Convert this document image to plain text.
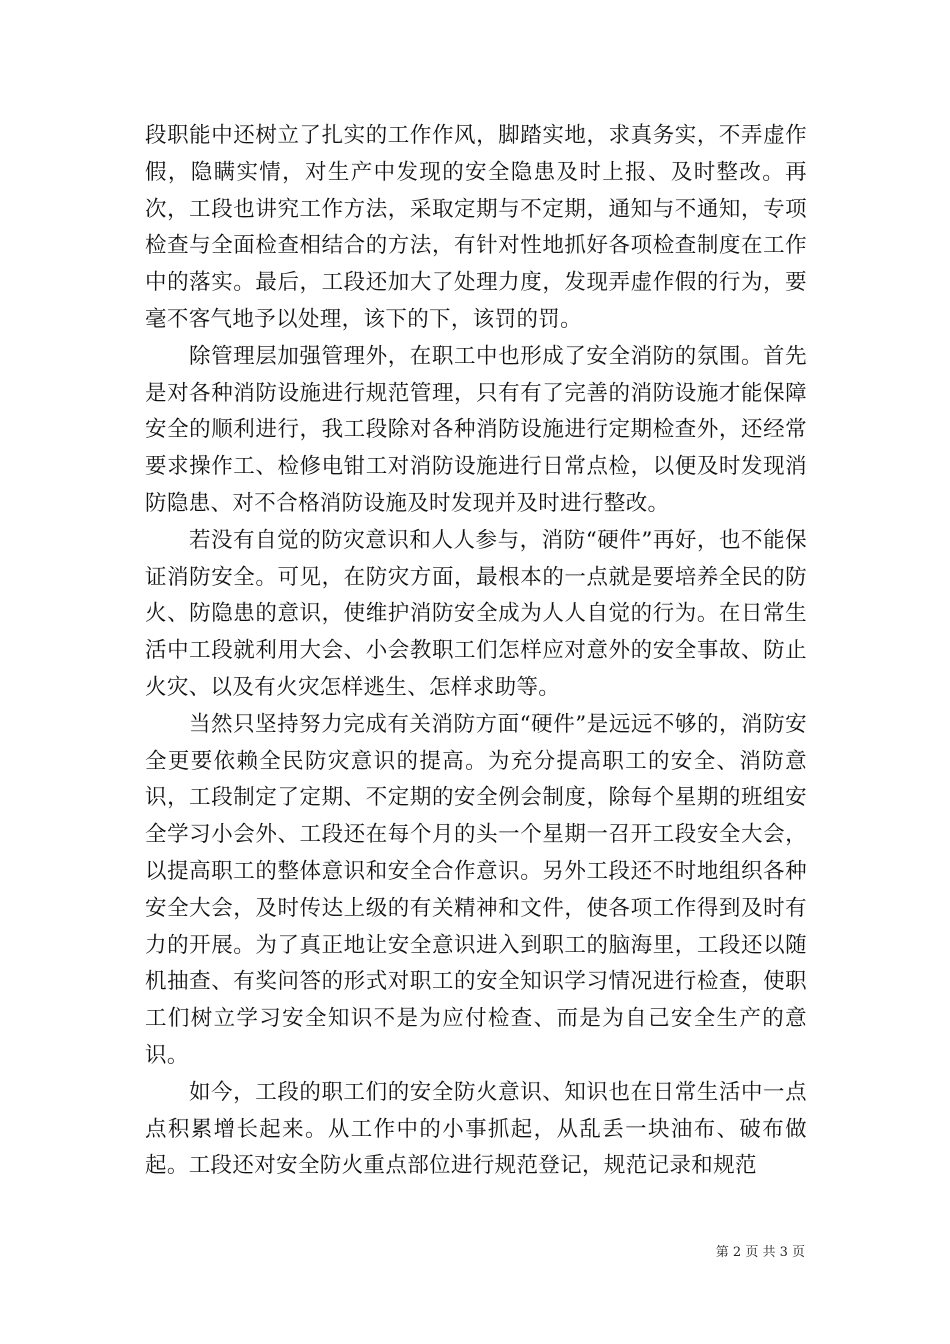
段职能中还树立了扎实的工作作风，脚踏实地，求真务实，不弄虚作假，隐瞒实情，对生产中发现的安全隐患及时上报、及时整改。再次，工段也讲究工作方法，采取定期与不定期，通知与不通知，专项检查与全面检查相结合的方法，有针对性地抓好各项检查制度在工作中的落实。最后，工段还加大了处理力度，发现弄虚作假的行为，要毫不客气地予以处理，该下的下，该罚的罚。

除管理层加强管理外，在职工中也形成了安全消防的氛围。首先是对各种消防设施进行规范管理，只有有了完善的消防设施才能保障安全的顺利进行，我工段除对各种消防设施进行定期检查外，还经常要求操作工、检修电钳工对消防设施进行日常点检，以便及时发现消防隐患、对不合格消防设施及时发现并及时进行整改。

若没有自觉的防灾意识和人人参与，消防“硬件”再好，也不能保证消防安全。可见，在防灾方面，最根本的一点就是要培养全民的防火、防隐患的意识，使维护消防安全成为人人自觉的行为。在日常生活中工段就利用大会、小会教职工们怎样应对意外的安全事故、防止火灾、以及有火灾怎样逃生、怎样求助等。

当然只坚持努力完成有关消防方面“硬件”是远远不够的，消防安全更要依赖全民防灾意识的提高。为充分提高职工的安全、消防意识，工段制定了定期、不定期的安全例会制度，除每个星期的班组安全学习小会外、工段还在每个月的头一个星期一召开工段安全大会，以提高职工的整体意识和安全合作意识。另外工段还不时地组织各种安全大会，及时传达上级的有关精神和文件，使各项工作得到及时有力的开展。为了真正地让安全意识进入到职工的脑海里，工段还以随机抽查、有奖问答的形式对职工的安全知识学习情况进行检查，使职工们树立学习安全知识不是为应付检查、而是为自己安全生产的意识。

如今，工段的职工们的安全防火意识、知识也在日常生活中一点点积累增长起来。从工作中的小事抓起，从乱丢一块油布、破布做起。工段还对安全防火重点部位进行规范登记，规范记录和规范

第 2 页 共 3 页
